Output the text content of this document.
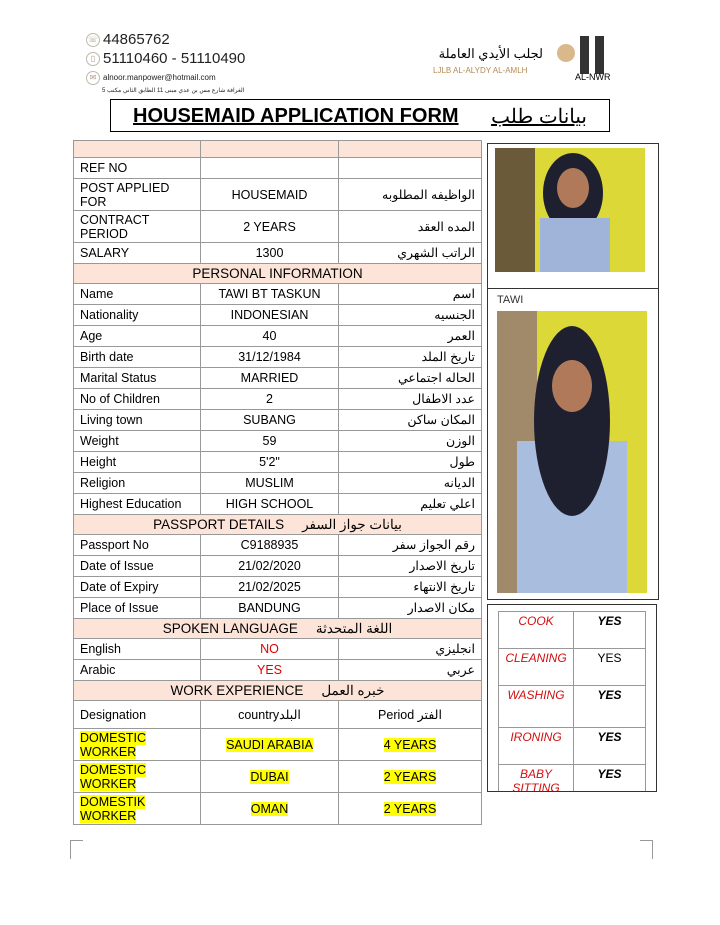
☏ 44865762
▯ 51110460 - 51110490
✉ alnoor.manpower@hotmail.com
الغرافة شارع مس بن عدي مبنى 11 الطابق الثاني مكتب 5
لجلب الأيدي العاملة
LJLB AL-ALYDY AL-AMLH
AL-NWR
HOUSEMAID APPLICATION FORM بيانات طلب

REF NO		
POST APPLIED FOR	HOUSEMAID	الواظيفه المطلوبه
CONTRACT PERIOD	2 YEARS	المده العقد
SALARY	1300	الراتب الشهري
PERSONAL INFORMATION		
Name	TAWI BT TASKUN	اسم
Nationality	INDONESIAN	الجنسيه
Age	40	العمر
Birth date	31/12/1984	تاريخ الملد
Marital Status	MARRIED	الحاله اجتماعي
No of Children	2	عدد الاطفال
Living town	SUBANG	المكان ساكن
Weight	59	الوزن
Height	5'2"	طول
Religion	MUSLIM	الديانه
Highest Education	HIGH SCHOOL	اعلي تعليم
PASSPORT DETAILS بيانات جواز السفر		
Passport No	C9188935	رقم الجواز سفر
Date of Issue	21/02/2020	تاريخ الاصدار
Date of Expiry	21/02/2025	تاريخ الانتهاء
Place of Issue	BANDUNG	مكان الاصدار
SPOKEN LANGUAGE اللغة المتحدثة		
English	NO	انجليزي
Arabic	YES	عربي
WORK EXPERIENCE خبره العمل		
Designation	countryالبلد	Period الفتر
DOMESTIC WORKER	SAUDI ARABIA	4 YEARS
DOMESTIC WORKER	DUBAI	2 YEARS
DOMESTIK WORKER	OMAN	2 YEARS
TAWI
COOK	YES
CLEANING	YES
WASHING	YES
IRONING	YES
BABY SITTING	YES
